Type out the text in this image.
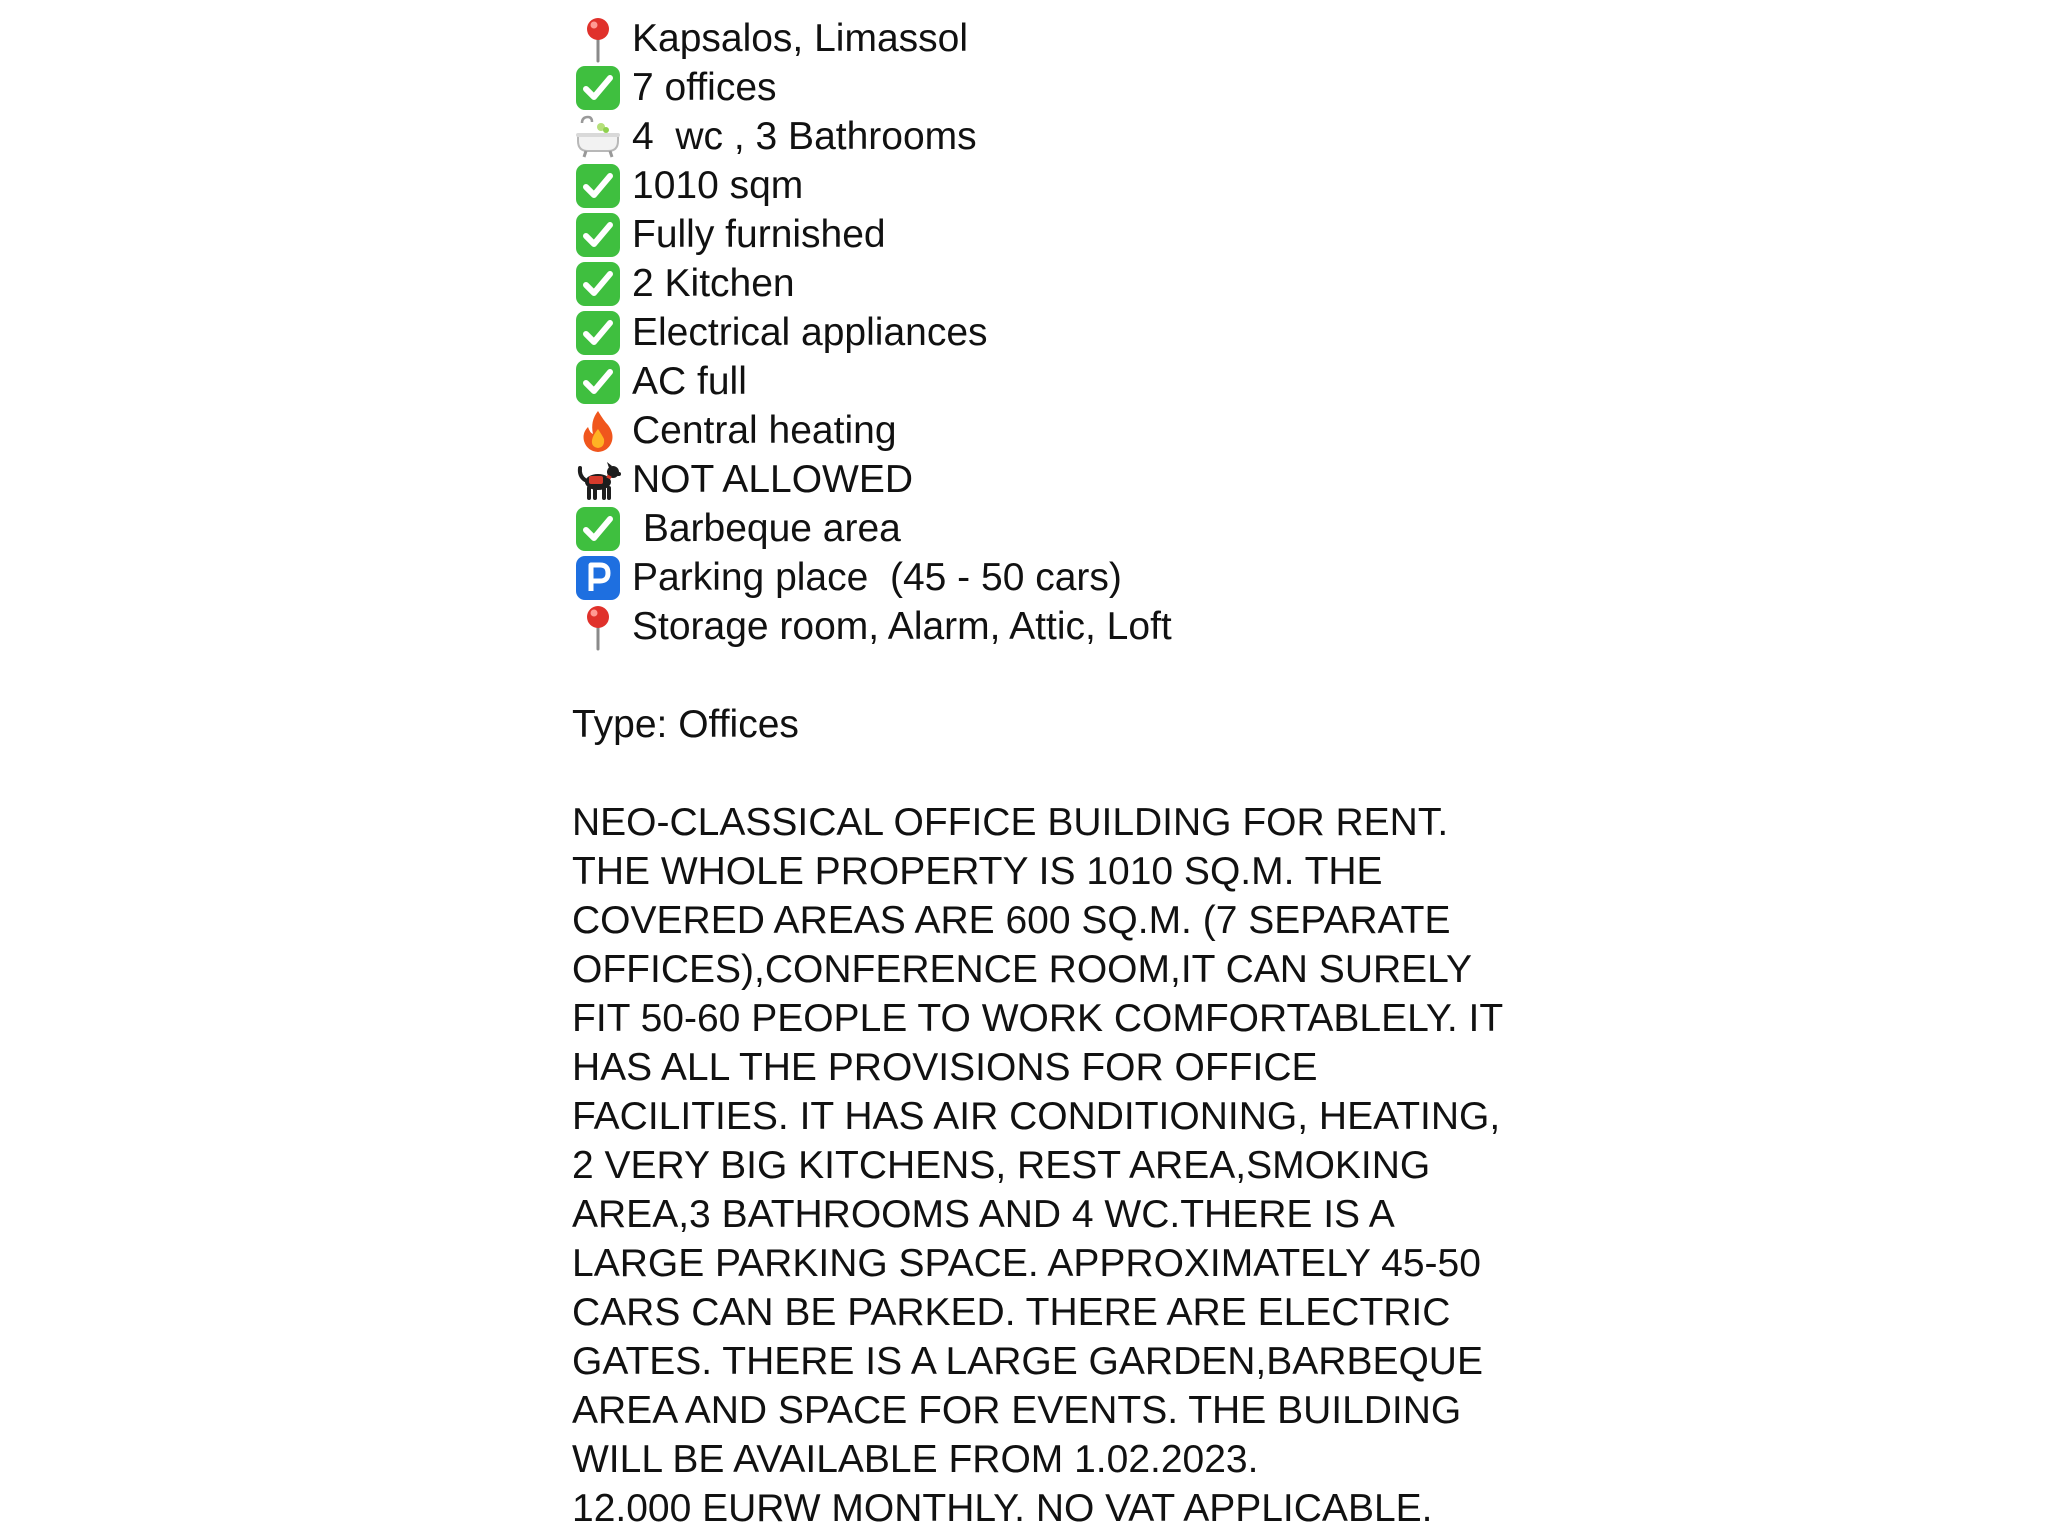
Kapsalos, Limassol
7 offices
4  wc , 3 Bathrooms
1010 sqm
Fully furnished
2 Kitchen
Electrical appliances
AC full
Central heating
NOT ALLOWED
Barbeque area
Parking place  (45 - 50 cars)
Storage room, Alarm, Attic, Loft
Type: Offices

NEO-CLASSICAL OFFICE BUILDING FOR RENT. THE WHOLE PROPERTY IS 1010 SQ.M. THE COVERED AREAS ARE 600 SQ.M. (7 SEPARATE OFFICES),CONFERENCE ROOM,IT CAN SURELY FIT 50-60 PEOPLE TO WORK COMFORTABLELY. IT HAS ALL THE PROVISIONS FOR OFFICE FACILITIES. IT HAS AIR CONDITIONING, HEATING, 2 VERY BIG KITCHENS, REST AREA,SMOKING AREA,3 BATHROOMS AND 4 WC.THERE IS A LARGE PARKING SPACE. APPROXIMATELY 45-50 CARS CAN BE PARKED. THERE ARE ELECTRIC GATES. THERE IS A LARGE GARDEN,BARBEQUE AREA AND SPACE FOR EVENTS. THE BUILDING WILL BE AVAILABLE FROM 1.02.2023.

12.000 EURW MONTHLY. NO VAT APPLICABLE.
